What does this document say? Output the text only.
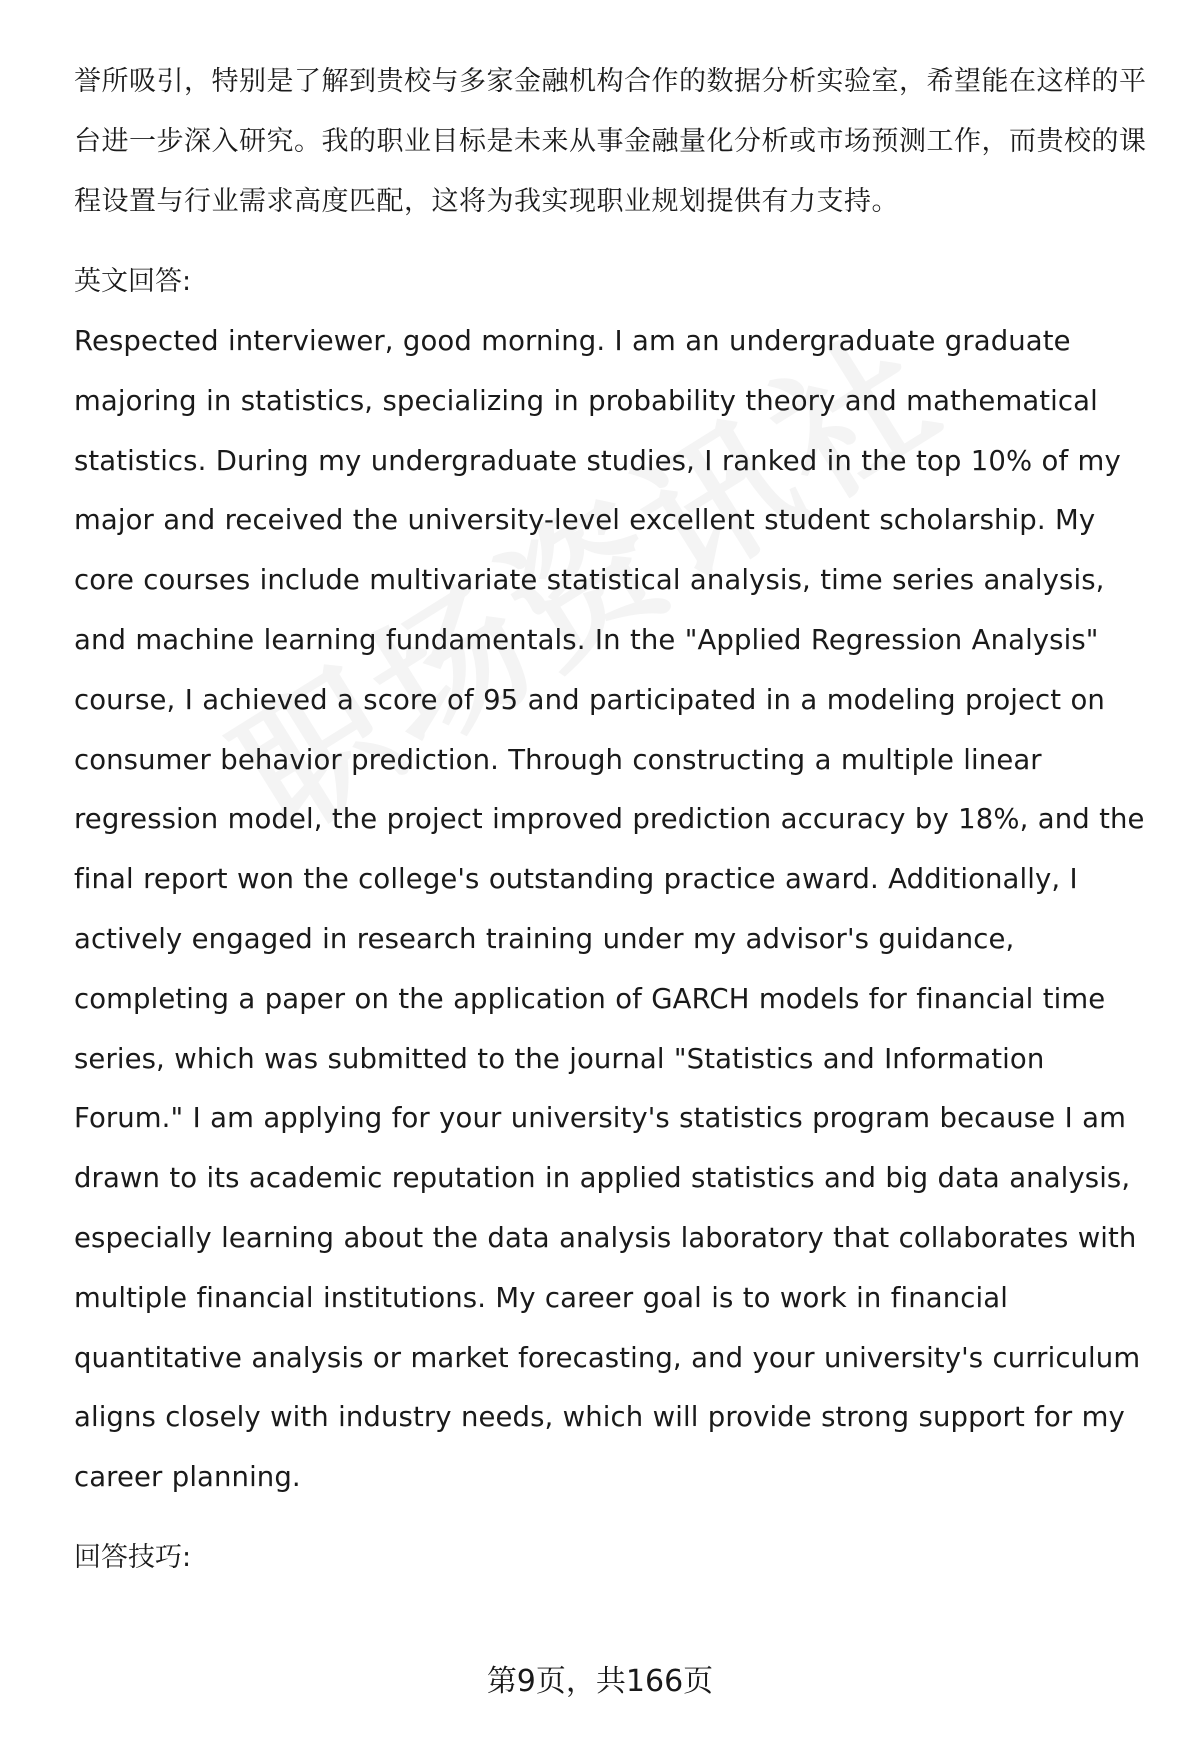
誉所吸引，特别是了解到贵校与多家金融机构合作的数据分析实验室，希望能在这样的平台进一步深入研究。我的职业目标是未来从事金融量化分析或市场预测工作，而贵校的课程设置与行业需求高度匹配，这将为我实现职业规划提供有力支持。

英文回答:

Respected interviewer, good morning. I am an undergraduate graduate majoring in statistics, specializing in probability theory and mathematical statistics. During my undergraduate studies, I ranked in the top 10% of my major and received the university-level excellent student scholarship. My core courses include multivariate statistical analysis, time series analysis, and machine learning fundamentals. In the "Applied Regression Analysis" course, I achieved a score of 95 and participated in a modeling project on consumer behavior prediction. Through constructing a multiple linear regression model, the project improved prediction accuracy by 18%, and the final report won the college's outstanding practice award. Additionally, I actively engaged in research training under my advisor's guidance, completing a paper on the application of GARCH models for financial time series, which was submitted to the journal "Statistics and Information Forum." I am applying for your university's statistics program because I am drawn to its academic reputation in applied statistics and big data analysis, especially learning about the data analysis laboratory that collaborates with multiple financial institutions. My career goal is to work in financial quantitative analysis or market forecasting, and your university's curriculum aligns closely with industry needs, which will provide strong support for my career planning.

回答技巧:

第9页，共166页
